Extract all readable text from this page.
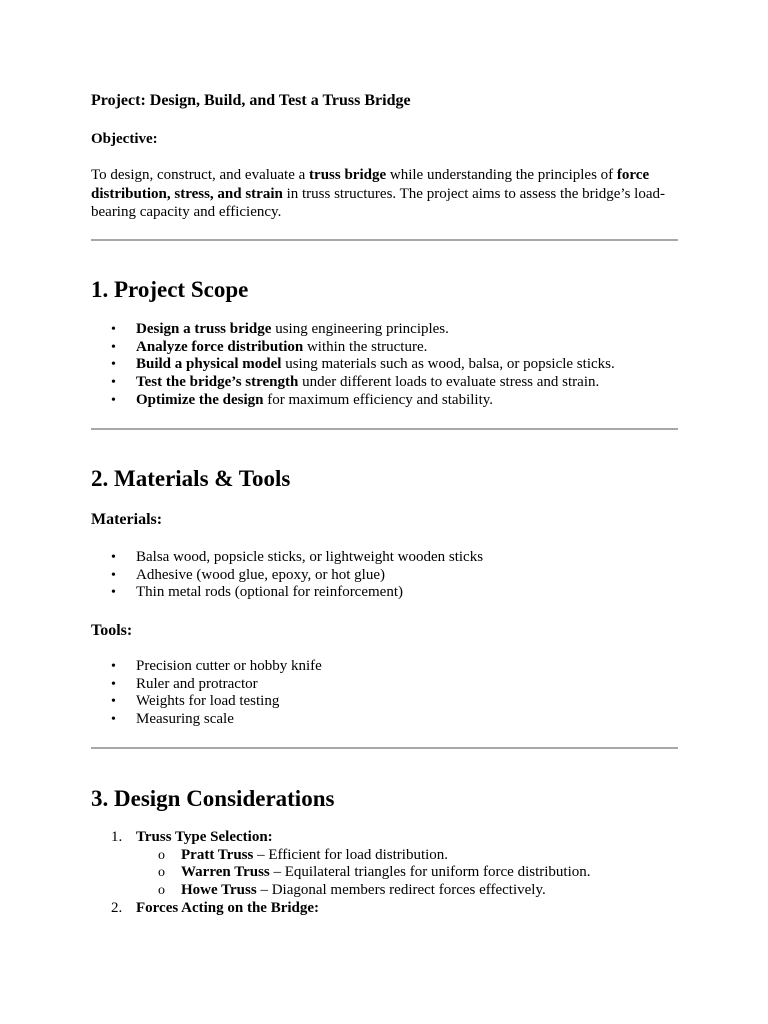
Project: Design, Build, and Test a Truss Bridge
Objective:
To design, construct, and evaluate a truss bridge while understanding the principles of force distribution, stress, and strain in truss structures. The project aims to assess the bridge’s load-bearing capacity and efficiency.
1. Project Scope
• Design a truss bridge using engineering principles.
• Analyze force distribution within the structure.
• Build a physical model using materials such as wood, balsa, or popsicle sticks.
• Test the bridge’s strength under different loads to evaluate stress and strain.
• Optimize the design for maximum efficiency and stability.
2. Materials & Tools
Materials:
• Balsa wood, popsicle sticks, or lightweight wooden sticks
• Adhesive (wood glue, epoxy, or hot glue)
• Thin metal rods (optional for reinforcement)
Tools:
• Precision cutter or hobby knife
• Ruler and protractor
• Weights for load testing
• Measuring scale
3. Design Considerations
1. Truss Type Selection:
o Pratt Truss – Efficient for load distribution.
o Warren Truss – Equilateral triangles for uniform force distribution.
o Howe Truss – Diagonal members redirect forces effectively.
2. Forces Acting on the Bridge:
